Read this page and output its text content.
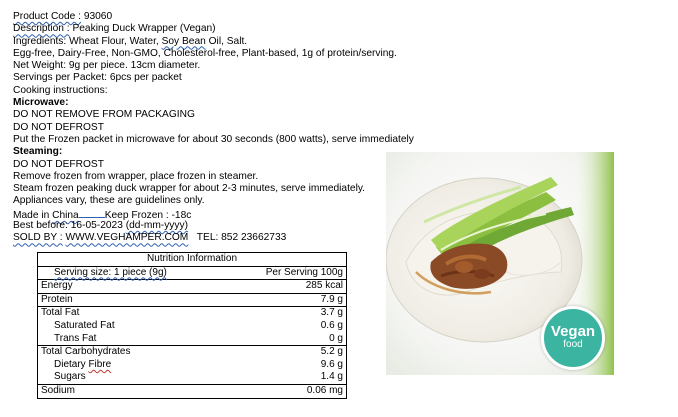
Product Code : 93060
Description : Peaking Duck Wrapper (Vegan)
Ingredients: Wheat Flour, Water, Soy Bean Oil, Salt.
Egg-free, Dairy-Free, Non-GMO, Cholesterol-free, Plant-based, 1g of protein/serving.
Net Weight: 9g per piece. 13cm diameter.
Servings per Packet: 6pcs per packet
Cooking instructions:
Microwave:
DO NOT REMOVE FROM PACKAGING
DO NOT DEFROST
Put the Frozen packet in microwave for about 30 seconds (800 watts), serve immediately
Steaming:
DO NOT DEFROST
Remove frozen from wrapper, place frozen in steamer.
Steam frozen peaking duck wrapper for about 2-3 minutes, serve immediately.
Appliances vary, these are guidelines only.
Made in China	Keep Frozen : -18c
Best before: 16-05-2023 (dd-mm-yyyy)
SOLD BY : WWW.VEGHAMPER.COM TEL: 852 23662733
Nutrition Information	
Serving size: 1 piece (9g)	Per Serving 100g
Energy	285 kcal
Protein	7.9 g
Total Fat	3.7 g
Saturated Fat	0.6 g
Trans Fat	0 g
Total Carbohydrates	5.2 g
Dietary Fibre	9.6 g
Sugars	1.4 g
Sodium	0.06 mg
Vegan
food
